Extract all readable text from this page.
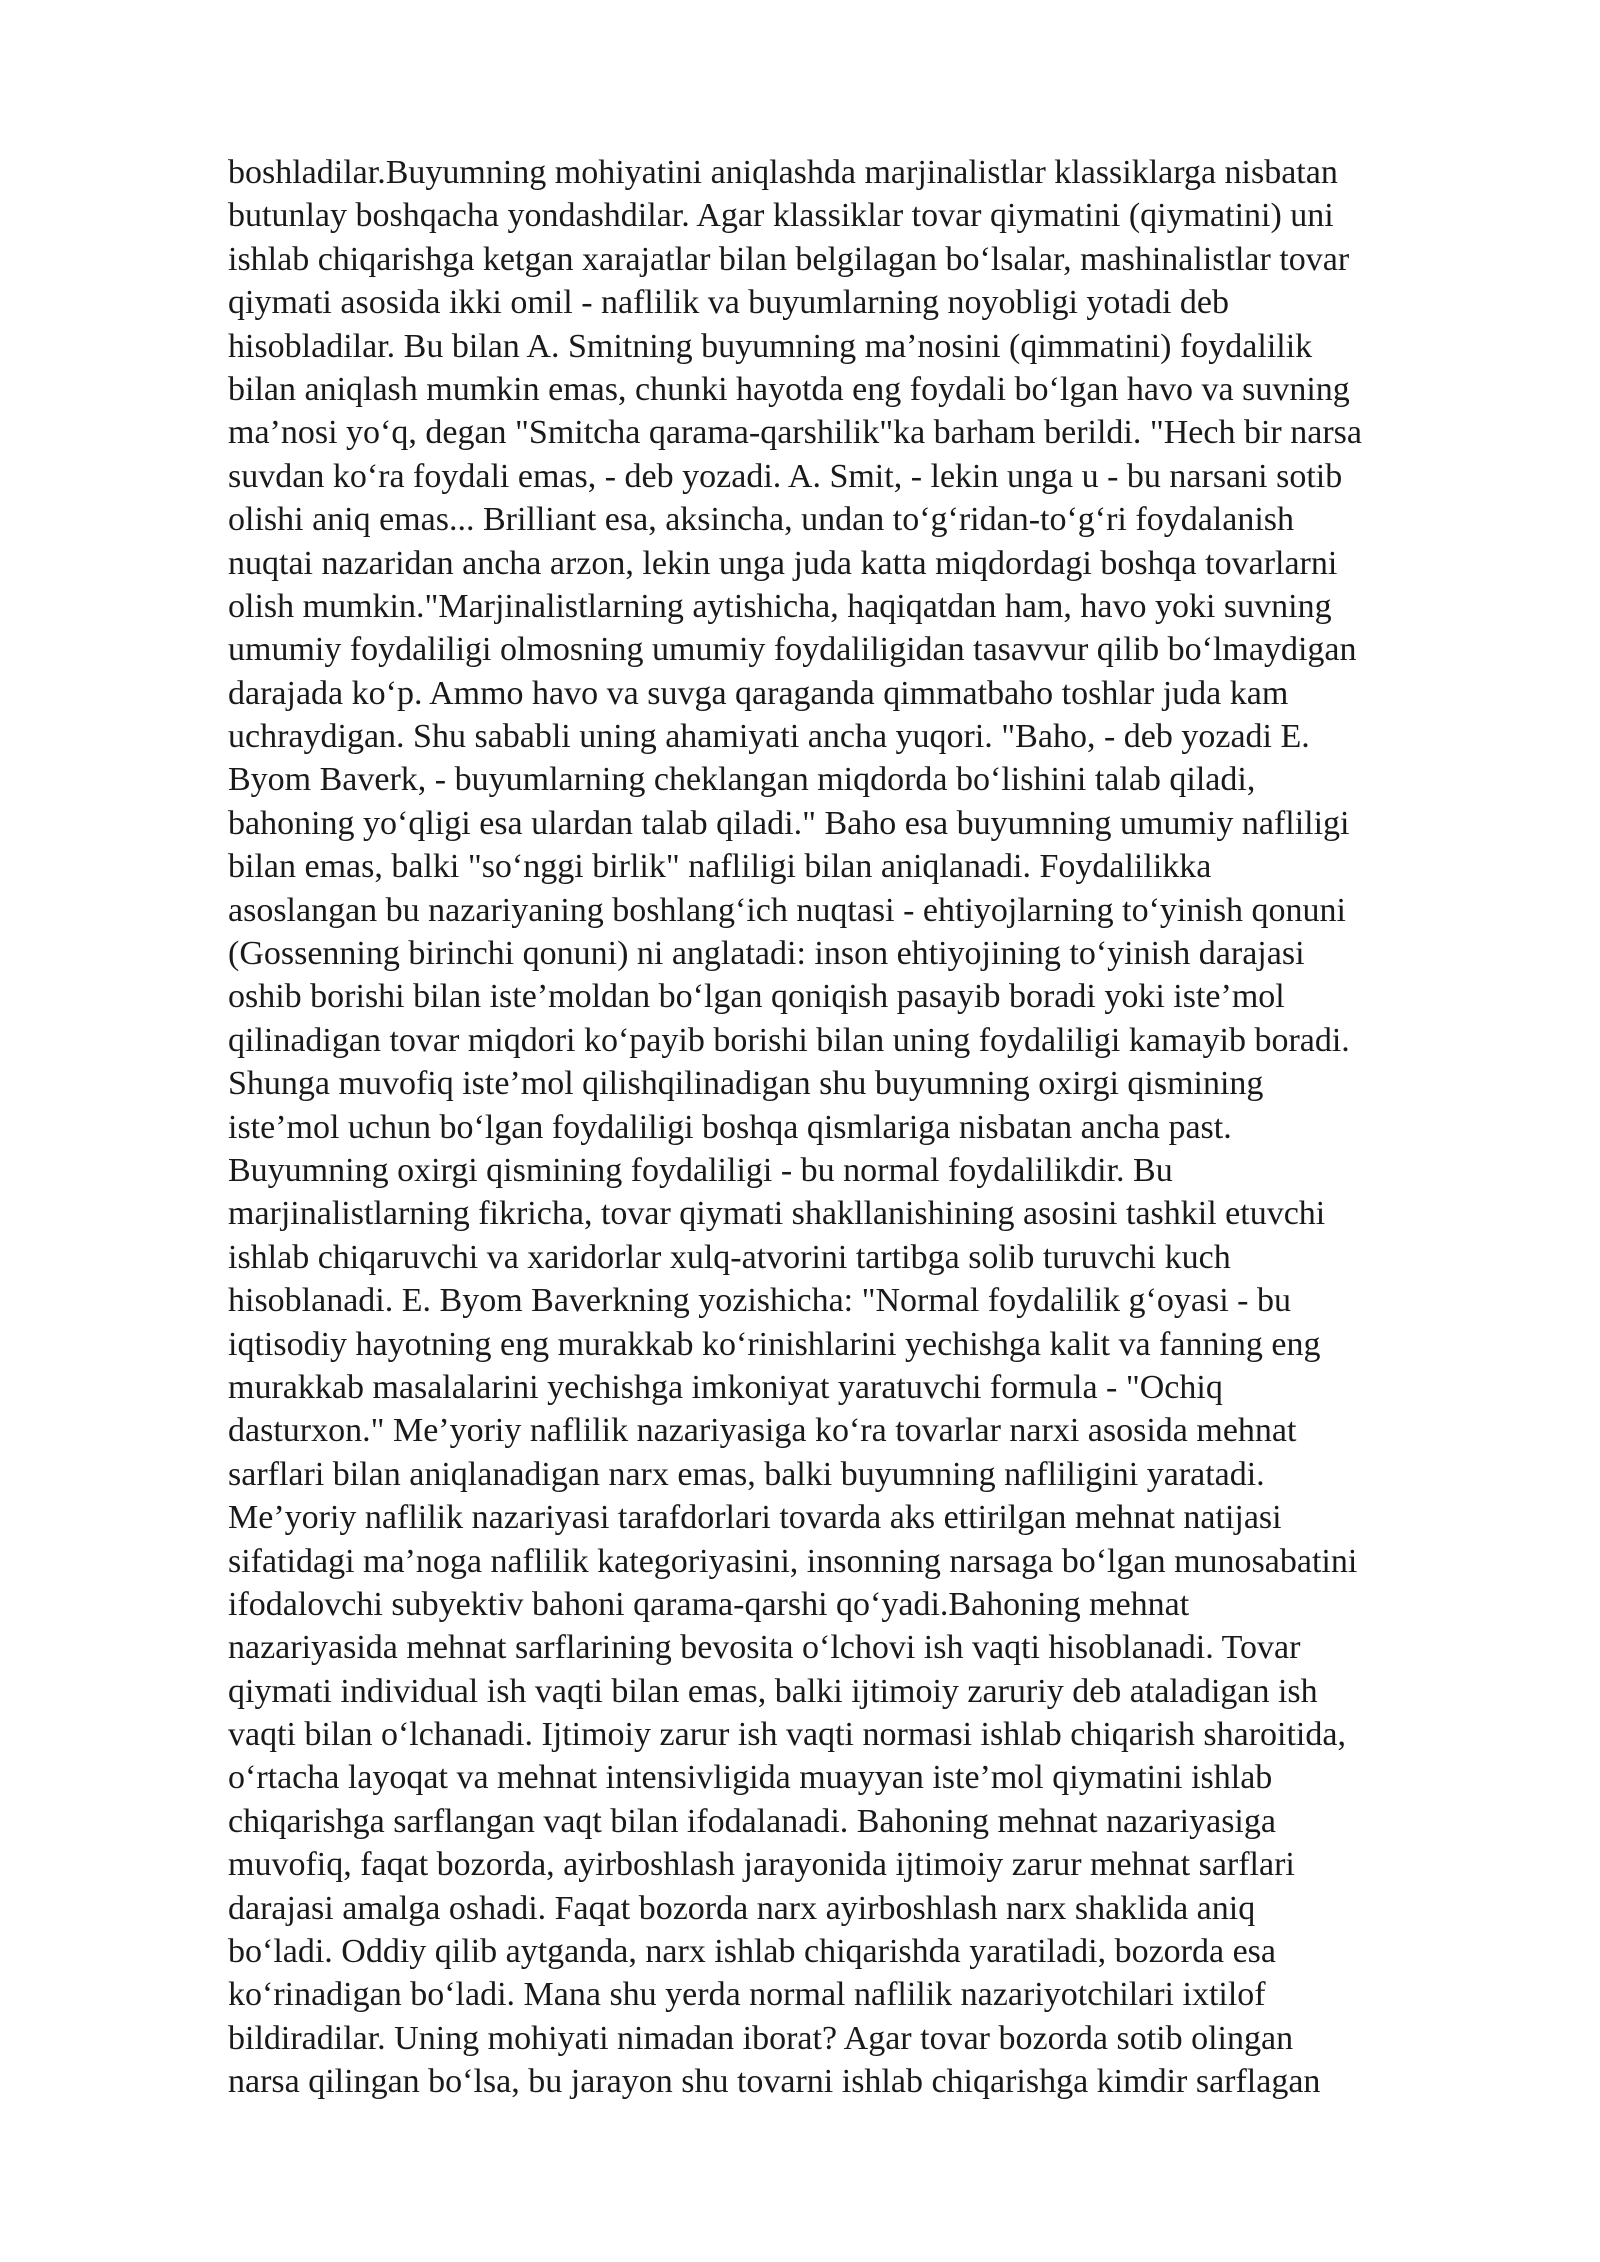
boshladilar.Buyumning mohiyatini aniqlashda marjinalistlar klassiklarga nisbatan
butunlay boshqacha yondashdilar. Agar klassiklar tovar qiymatini (qiymatini) uni
ishlab chiqarishga ketgan xarajatlar bilan belgilagan bo‘lsalar, mashinalistlar tovar
qiymati asosida ikki omil - naflilik va buyumlarning noyobligi yotadi deb
hisobladilar. Bu bilan A. Smitning buyumning ma’nosini (qimmatini) foydalilik
bilan aniqlash mumkin emas, chunki hayotda eng foydali bo‘lgan havo va suvning
ma’nosi yo‘q, degan "Smitcha qarama-qarshilik"ka barham berildi. "Hech bir narsa
suvdan ko‘ra foydali emas, - deb yozadi. A. Smit, - lekin unga u - bu narsani sotib
olishi aniq emas... Brilliant esa, aksincha, undan to‘g‘ridan-to‘g‘ri foydalanish
nuqtai nazaridan ancha arzon, lekin unga juda katta miqdordagi boshqa tovarlarni
olish mumkin."Marjinalistlarning aytishicha, haqiqatdan ham, havo yoki suvning
umumiy foydaliligi olmosning umumiy foydaliligidan tasavvur qilib bo‘lmaydigan
darajada ko‘p. Ammo havo va suvga qaraganda qimmatbaho toshlar juda kam
uchraydigan. Shu sababli uning ahamiyati ancha yuqori. "Baho, - deb yozadi E.
Byom Baverk, - buyumlarning cheklangan miqdorda bo‘lishini talab qiladi,
bahoning yo‘qligi esa ulardan talab qiladi." Baho esa buyumning umumiy nafliligi
bilan emas, balki "so‘nggi birlik" nafliligi bilan aniqlanadi. Foydalilikka
asoslangan bu nazariyaning boshlang‘ich nuqtasi - ehtiyojlarning to‘yinish qonuni
(Gossenning birinchi qonuni) ni anglatadi: inson ehtiyojining to‘yinish darajasi
oshib borishi bilan iste’moldan bo‘lgan qoniqish pasayib boradi yoki iste’mol
qilinadigan tovar miqdori ko‘payib borishi bilan uning foydaliligi kamayib boradi.
Shunga muvofiq iste’mol qilishqilinadigan shu buyumning oxirgi qismining
iste’mol uchun bo‘lgan foydaliligi boshqa qismlariga nisbatan ancha past.
Buyumning oxirgi qismining foydaliligi - bu normal foydalilikdir. Bu
marjinalistlarning fikricha, tovar qiymati shakllanishining asosini tashkil etuvchi
ishlab chiqaruvchi va xaridorlar xulq-atvorini tartibga solib turuvchi kuch
hisoblanadi. E. Byom Baverkning yozishicha: "Normal foydalilik g‘oyasi - bu
iqtisodiy hayotning eng murakkab ko‘rinishlarini yechishga kalit va fanning eng
murakkab masalalarini yechishga imkoniyat yaratuvchi formula - "Ochiq
dasturxon." Me’yoriy naflilik nazariyasiga ko‘ra tovarlar narxi asosida mehnat
sarflari bilan aniqlanadigan narx emas, balki buyumning nafliligini yaratadi.
Me’yoriy naflilik nazariyasi tarafdorlari tovarda aks ettirilgan mehnat natijasi
sifatidagi ma’noga naflilik kategoriyasini, insonning narsaga bo‘lgan munosabatini
ifodalovchi subyektiv bahoni qarama-qarshi qo‘yadi.Bahoning mehnat
nazariyasida mehnat sarflarining bevosita o‘lchovi ish vaqti hisoblanadi. Tovar
qiymati individual ish vaqti bilan emas, balki ijtimoiy zaruriy deb ataladigan ish
vaqti bilan o‘lchanadi. Ijtimoiy zarur ish vaqti normasi ishlab chiqarish sharoitida,
o‘rtacha layoqat va mehnat intensivligida muayyan iste’mol qiymatini ishlab
chiqarishga sarflangan vaqt bilan ifodalanadi. Bahoning mehnat nazariyasiga
muvofiq, faqat bozorda, ayirboshlash jarayonida ijtimoiy zarur mehnat sarflari
darajasi amalga oshadi. Faqat bozorda narx ayirboshlash narx shaklida aniq
bo‘ladi. Oddiy qilib aytganda, narx ishlab chiqarishda yaratiladi, bozorda esa
ko‘rinadigan bo‘ladi. Mana shu yerda normal naflilik nazariyotchilari ixtilof
bildiradilar. Uning mohiyati nimadan iborat? Agar tovar bozorda sotib olingan
narsa qilingan bo‘lsa, bu jarayon shu tovarni ishlab chiqarishga kimdir sarflagan
